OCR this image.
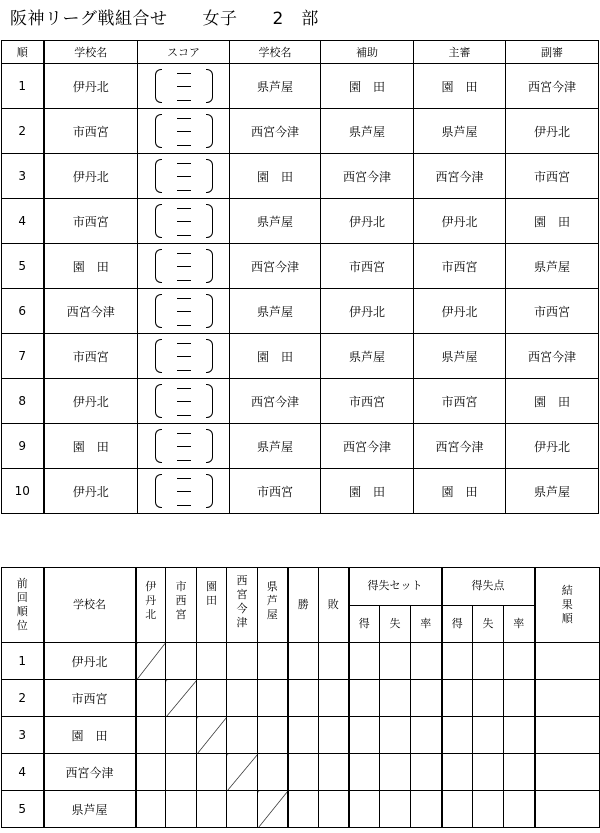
阪神リーグ戦組合せ　　女子　　2　部
順	学校名	スコア	学校名	補助	主審	副審
1	伊丹北		県芦屋	園　田	園　田	西宮今津
2	市西宮		西宮今津	県芦屋	県芦屋	伊丹北
3	伊丹北		園　田	西宮今津	西宮今津	市西宮
4	市西宮		県芦屋	伊丹北	伊丹北	園　田
5	園　田		西宮今津	市西宮	市西宮	県芦屋
6	西宮今津		県芦屋	伊丹北	伊丹北	市西宮
7	市西宮		園　田	県芦屋	県芦屋	西宮今津
8	伊丹北		西宮今津	市西宮	市西宮	園　田
9	園　田		県芦屋	西宮今津	西宮今津	伊丹北
10	伊丹北		市西宮	園　田	園　田	県芦屋
前回順位	学校名	伊丹北	市西宮	園田	西宮今津	県芦屋	勝	敗	得失セット			得失点			結果順
									得	失	率	得	失	率	
1	伊丹北														
2	市西宮														
3	園　田														
4	西宮今津														
5	県芦屋														
